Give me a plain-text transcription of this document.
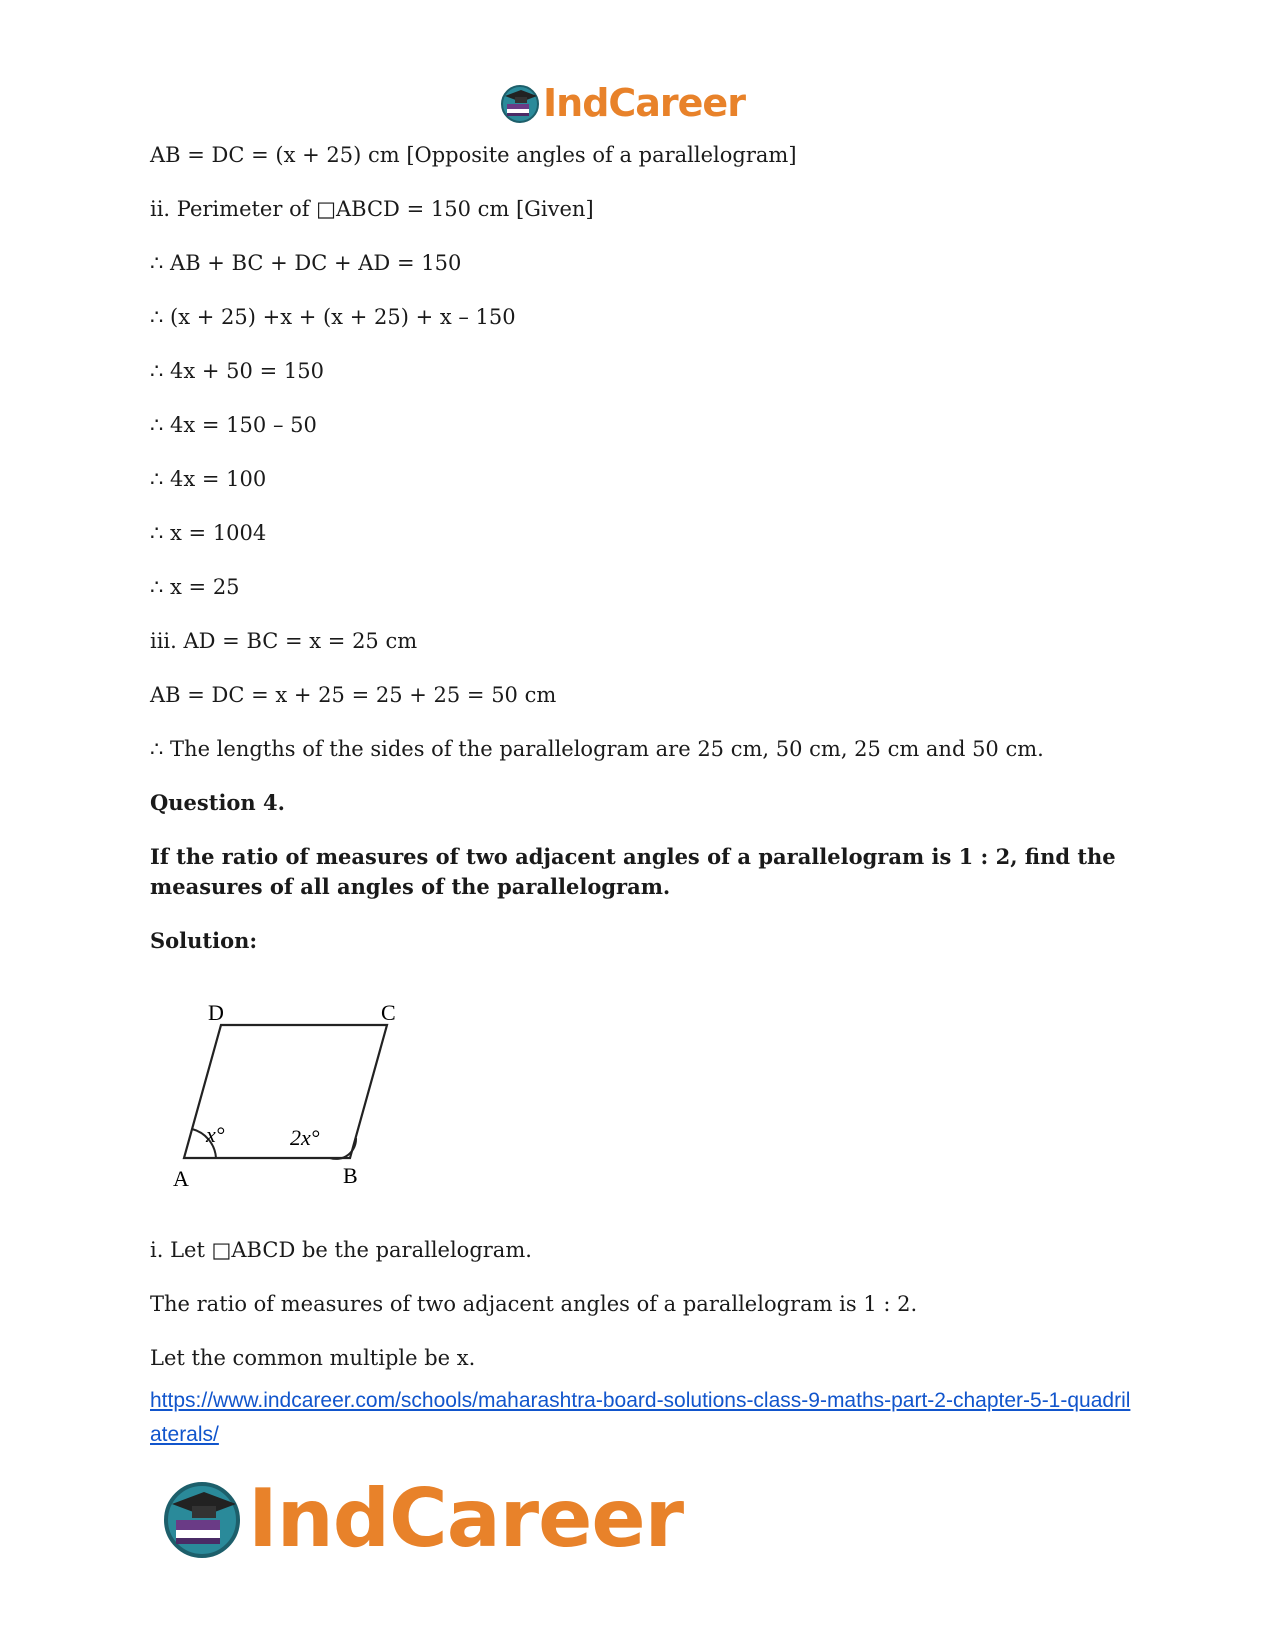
IndCareer

AB = DC = (x + 25) cm [Opposite angles of a parallelogram]

ii. Perimeter of □ABCD = 150 cm [Given]

∴ AB + BC + DC + AD = 150

∴ (x + 25) +x + (x + 25) + x – 150

∴ 4x + 50 = 150

∴ 4x = 150 – 50

∴ 4x = 100

∴ x = 1004

∴ x = 25

iii. AD = BC = x = 25 cm

AB = DC = x + 25 = 25 + 25 = 50 cm

∴ The lengths of the sides of the parallelogram are 25 cm, 50 cm, 25 cm and 50 cm.

Question 4.

If the ratio of measures of two adjacent angles of a parallelogram is 1 : 2, find the measures of all angles of the parallelogram.

Solution:

D	C
A	B
x°	2x°

i. Let □ABCD be the parallelogram.

The ratio of measures of two adjacent angles of a parallelogram is 1 : 2.

Let the common multiple be x.

https://www.indcareer.com/schools/maharashtra-board-solutions-class-9-maths-part-2-chapter-5-1-quadrilaterals/
IndCareer
